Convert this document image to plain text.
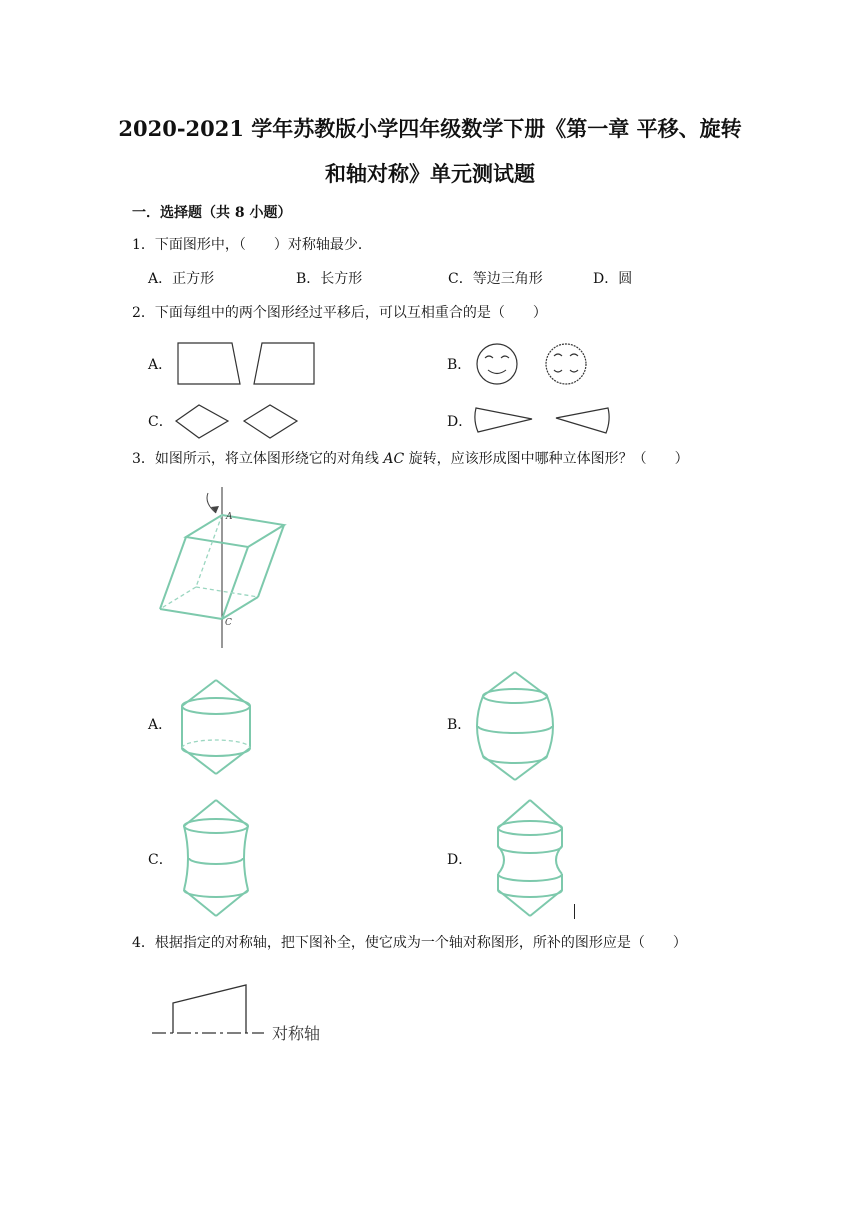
2020-2021 学年苏教版小学四年级数学下册《第一章 平移、旋转
和轴对称》单元测试题
一．选择题（共 8 小题）
1．下面图形中，（　　）对称轴最少．
A．正方形	B．长方形	C．等边三角形	D．圆
2．下面每组中的两个图形经过平移后，可以互相重合的是（　　）
A．	B．
C．	D．
3．如图所示，将立体图形绕它的对角线 AC 旋转，应该形成图中哪种立体图形？（　　）
A
C
A．	B．
C．	D．
4．根据指定的对称轴，把下图补全，使它成为一个轴对称图形，所补的图形应是（　　）
对称轴
